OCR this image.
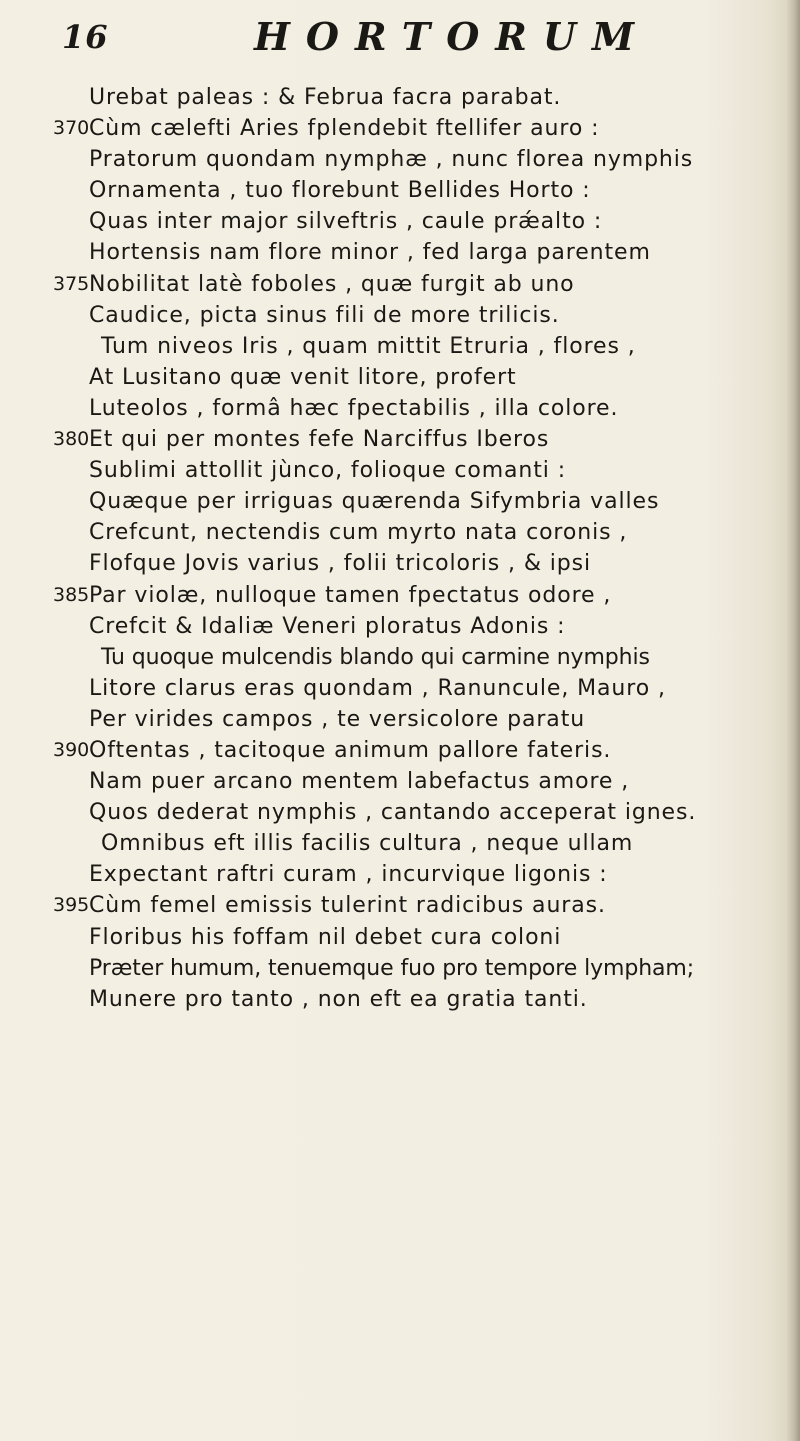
16	HORTORUM
Urebat paleas : & Februa facra parabat.
370 Cùm cælefti Aries fplendebit ftellifer auro :
Pratorum quondam nymphæ , nunc florea nymphis
Ornamenta , tuo florebunt Bellides Horto :
Quas inter major silveftris , caule prǽalto :
Hortensis nam flore minor , fed larga parentem
375 Nobilitat latè foboles , quæ furgit ab uno
Caudice, picta sinus fili de more trilicis.
Tum niveos Iris , quam mittit Etruria , flores ,
At Lusitano quæ venit litore, profert
Luteolos , formâ hæc fpectabilis , illa colore.
380 Et qui per montes fefe Narciffus Iberos
Sublimi attollit jùnco, folioque comanti :
Quæque per irriguas quærenda Sifymbria valles
Crefcunt, nectendis cum myrto nata coronis ,
Flofque Jovis varius , folii tricoloris , & ipsi
385 Par violæ, nulloque tamen fpectatus odore ,
Crefcit & Idaliæ Veneri ploratus Adonis :
Tu quoque mulcendis blando qui carmine nymphis
Litore clarus eras quondam , Ranuncule, Mauro ,
Per virides campos , te versicolore paratu
390 Oftentas , tacitoque animum pallore fateris.
Nam puer arcano mentem labefactus amore ,
Quos dederat nymphis , cantando acceperat ignes.
Omnibus eft illis facilis cultura , neque ullam
Expectant raftri curam , incurvique ligonis :
395 Cùm femel emissis tulerint radicibus auras.
Floribus his foffam nil debet cura coloni
Præter humum, tenuemque fuo pro tempore lympham;
Munere pro tanto , non eft ea gratia tanti.
